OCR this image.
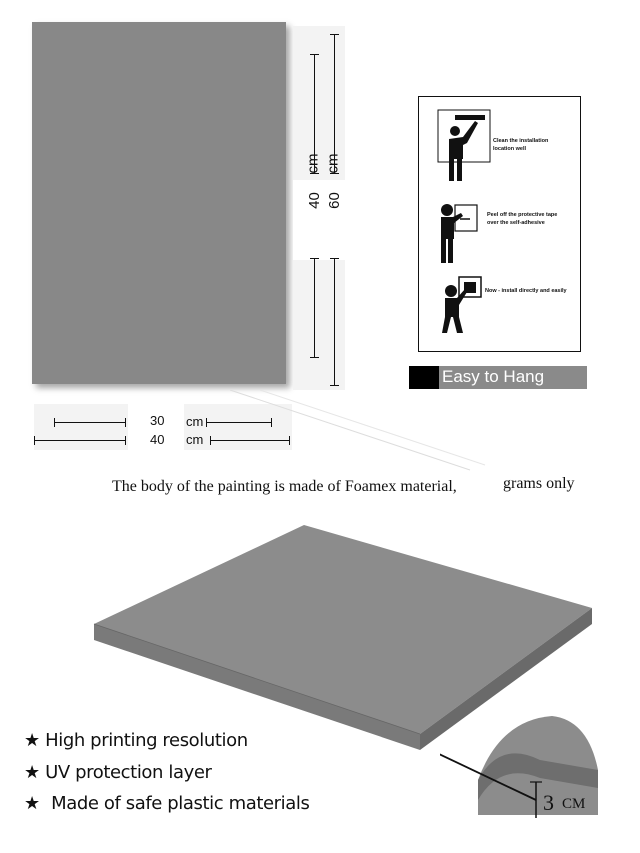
40
cm
60
cm
30 cm
40 cm
Clean the installation location well
Peel off the protective tape over the self-adhesive
Now - install directly and easily
Easy to Hang
The body of the painting is made of Foamex material,	grams only
3 CM
★ High printing resolution
★ UV protection layer
★ Made of safe plastic materials
